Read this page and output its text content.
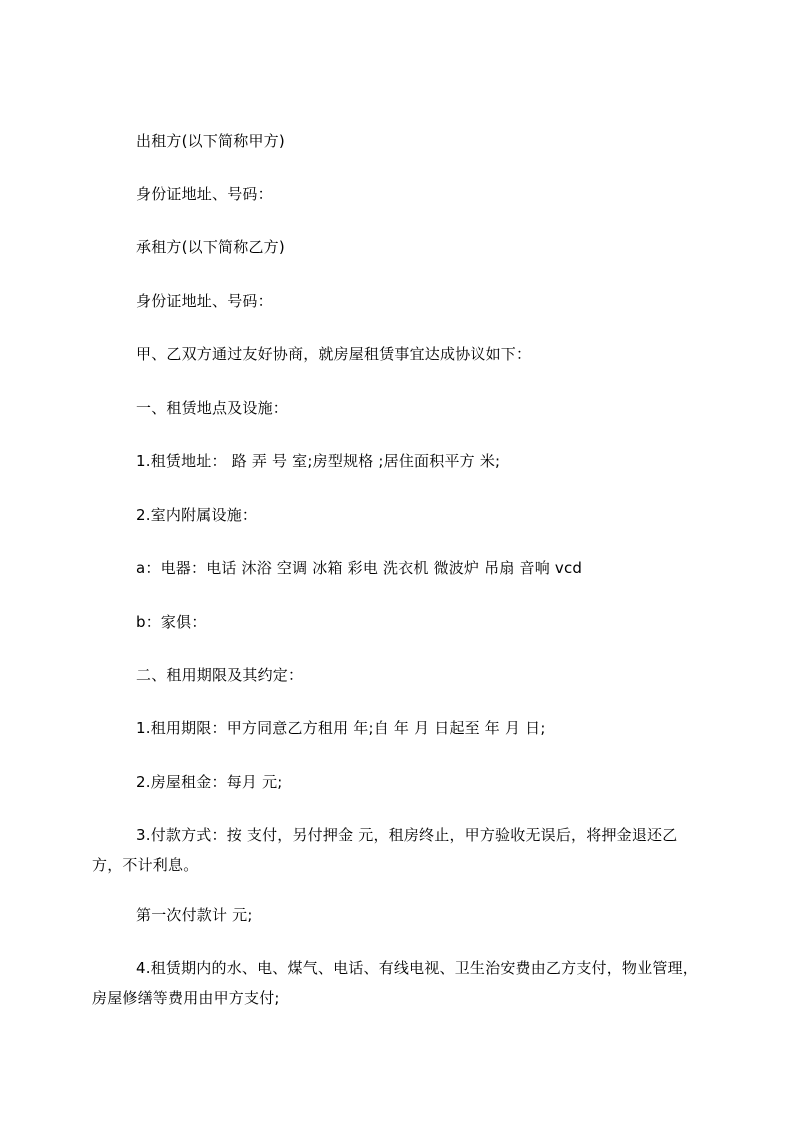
出租方(以下简称甲方)
身份证地址、号码：
承租方(以下简称乙方)
身份证地址、号码：
甲、乙双方通过友好协商，就房屋租赁事宜达成协议如下：
一、租赁地点及设施：
1.租赁地址： 路 弄 号 室;房型规格 ;居住面积平方 米;
2.室内附属设施：
a：电器：电话 沐浴 空调 冰箱 彩电 洗衣机 微波炉 吊扇 音响 vcd
b：家俱：
二、租用期限及其约定：
1.租用期限：甲方同意乙方租用 年;自 年 月 日起至 年 月 日;
2.房屋租金：每月 元;
3.付款方式：按 支付，另付押金 元，租房终止，甲方验收无误后，将押金退还乙方，不计利息。
第一次付款计 元;
4.租赁期内的水、电、煤气、电话、有线电视、卫生治安费由乙方支付，物业管理，房屋修缮等费用由甲方支付;
